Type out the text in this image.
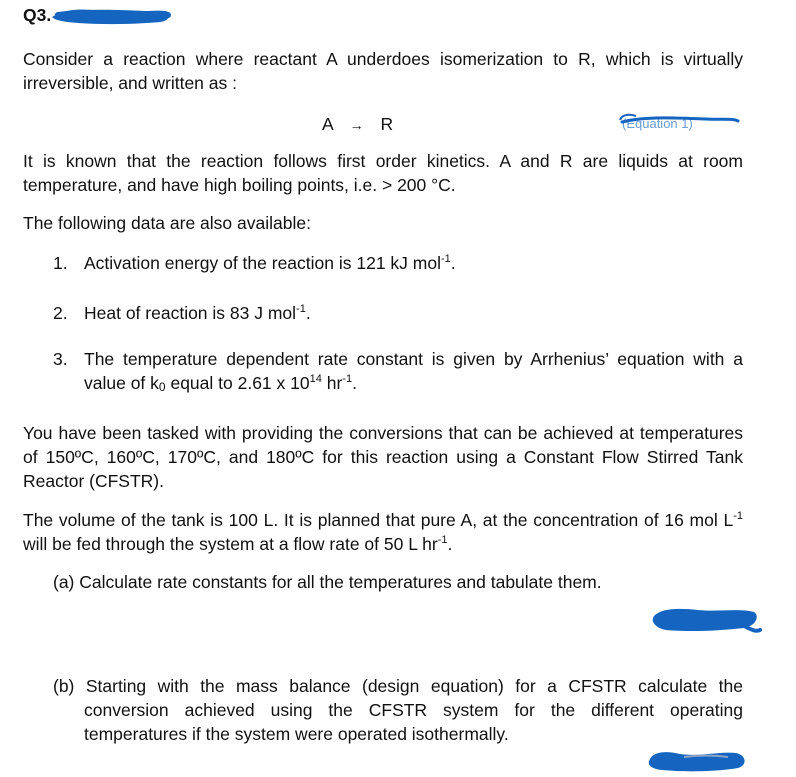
Q3.
Consider a reaction where reactant A underdoes isomerization to R, which is virtually irreversible, and written as :
A → R	(Equation 1)
It is known that the reaction follows first order kinetics. A and R are liquids at room temperature, and have high boiling points, i.e. > 200 °C.
The following data are also available:
1. Activation energy of the reaction is 121 kJ mol$^{-1}$.
2. Heat of reaction is 83 J mol$^{-1}$.
3. The temperature dependent rate constant is given by Arrhenius’ equation with a value of $k_0$ equal to 2.61 x $10^{14}$ $hr^{-1}$.
You have been tasked with providing the conversions that can be achieved at temperatures of 150ºC, 160ºC, 170ºC, and 180ºC for this reaction using a Constant Flow Stirred Tank Reactor (CFSTR).
The volume of the tank is 100 L. It is planned that pure A, at the concentration of 16 mol $L^{-1}$ will be fed through the system at a flow rate of 50 L $hr^{-1}$.
(a) Calculate rate constants for all the temperatures and tabulate them.
(b) Starting with the mass balance (design equation) for a CFSTR calculate the conversion achieved using the CFSTR system for the different operating temperatures if the system were operated isothermally.
